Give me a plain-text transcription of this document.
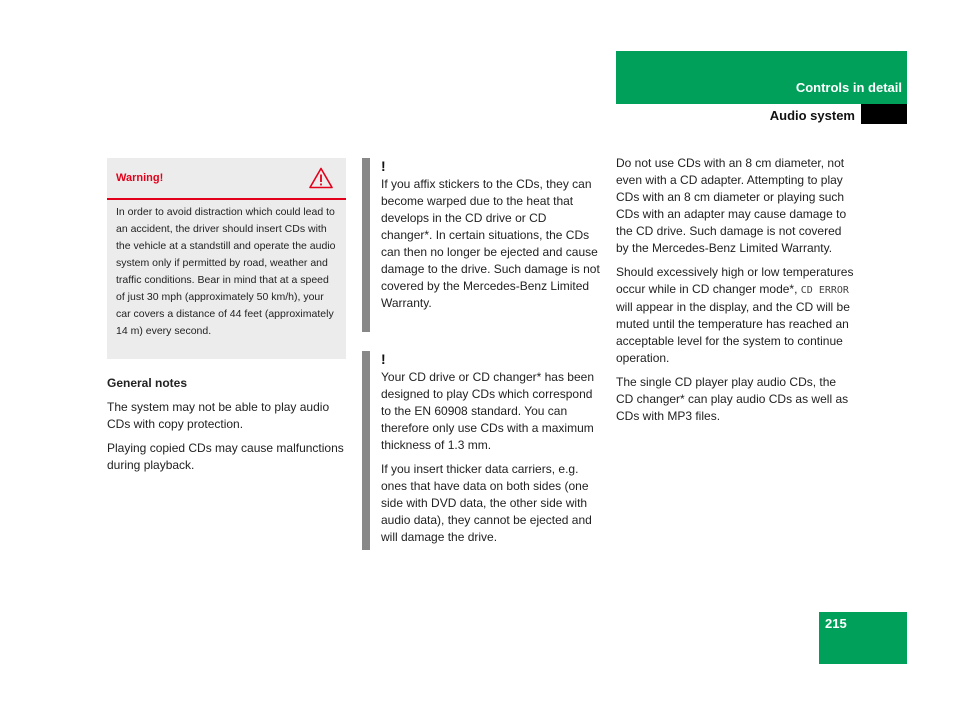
Controls in detail
Audio system
Warning!
In order to avoid distraction which could lead to an accident, the driver should insert CDs with the vehicle at a standstill and operate the audio system only if permitted by road, weather and traffic conditions. Bear in mind that at a speed of just 30 mph (approximately 50 km/h), your car covers a distance of 44 feet (approximately 14 m) every second.
General notes

The system may not be able to play audio CDs with copy protection.

Playing copied CDs may cause malfunctions during playback.

!

If you affix stickers to the CDs, they can become warped due to the heat that develops in the CD drive or CD changer*. In certain situations, the CDs can then no longer be ejected and cause damage to the drive. Such damage is not covered by the Mercedes-Benz Limited Warranty.

!

Your CD drive or CD changer* has been designed to play CDs which correspond to the EN 60908 standard. You can therefore only use CDs with a maximum thickness of 1.3 mm.

If you insert thicker data carriers, e.g. ones that have data on both sides (one side with DVD data, the other side with audio data), they cannot be ejected and will damage the drive.

Do not use CDs with an 8 cm diameter, not even with a CD adapter. Attempting to play CDs with an 8 cm diameter or playing such CDs with an adapter may cause damage to the CD drive. Such damage is not covered by the Mercedes-Benz Limited Warranty.

Should excessively high or low temperatures occur while in CD changer mode*, CD ERROR will appear in the display, and the CD will be muted until the temperature has reached an acceptable level for the system to continue operation.

The single CD player play audio CDs, the CD changer* can play audio CDs as well as CDs with MP3 files.

215
